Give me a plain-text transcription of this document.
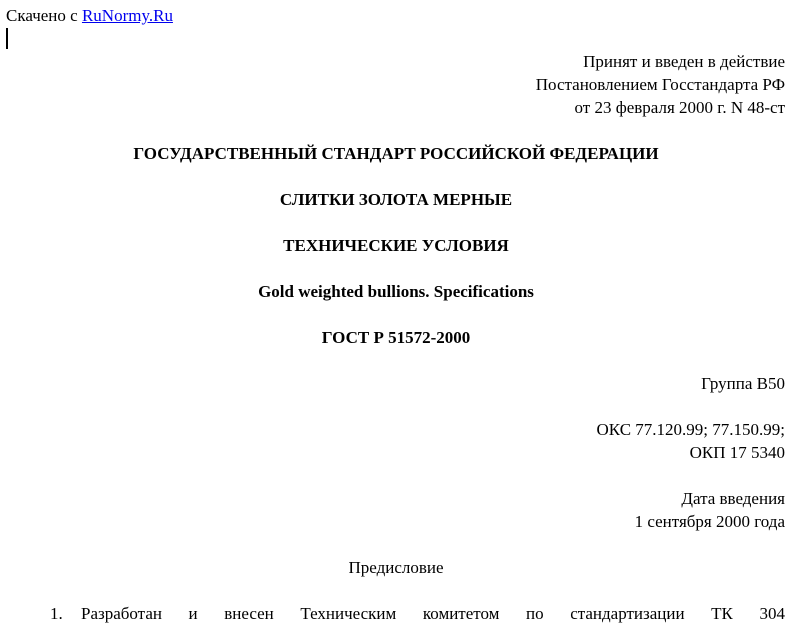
Скачено с RuNormy.Ru
Принят и введен в действие
Постановлением Госстандарта РФ
от 23 февраля 2000 г. N 48-ст
ГОСУДАРСТВЕННЫЙ СТАНДАРТ РОССИЙСКОЙ ФЕДЕРАЦИИ
СЛИТКИ ЗОЛОТА МЕРНЫЕ
ТЕХНИЧЕСКИЕ УСЛОВИЯ
Gold weighted bullions. Specifications
ГОСТ Р 51572-2000
Группа B50
ОКС 77.120.99; 77.150.99;
ОКП 17 5340
Дата введения
1 сентября 2000 года
Предисловие
1. Разработан и внесен Техническим комитетом по стандартизации ТК 304
